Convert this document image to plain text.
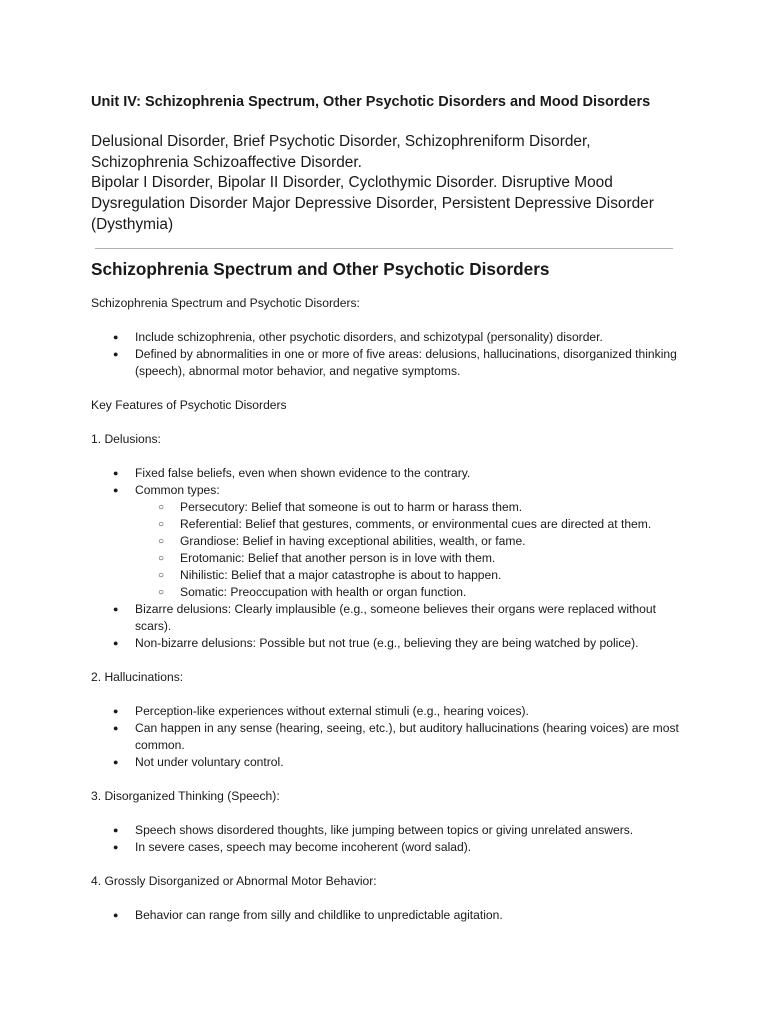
Unit IV: Schizophrenia Spectrum, Other Psychotic Disorders and Mood Disorders

Delusional Disorder, Brief Psychotic Disorder, Schizophreniform Disorder, Schizophrenia Schizoaffective Disorder.

Bipolar I Disorder, Bipolar II Disorder, Cyclothymic Disorder. Disruptive Mood Dysregulation Disorder Major Depressive Disorder, Persistent Depressive Disorder (Dysthymia)

Schizophrenia Spectrum and Other Psychotic Disorders

Schizophrenia Spectrum and Psychotic Disorders:

● Include schizophrenia, other psychotic disorders, and schizotypal (personality) disorder.
● Defined by abnormalities in one or more of five areas: delusions, hallucinations, disorganized thinking (speech), abnormal motor behavior, and negative symptoms.

Key Features of Psychotic Disorders

1. Delusions:

● Fixed false beliefs, even when shown evidence to the contrary.
● Common types:
○ Persecutory: Belief that someone is out to harm or harass them.
○ Referential: Belief that gestures, comments, or environmental cues are directed at them.
○ Grandiose: Belief in having exceptional abilities, wealth, or fame.
○ Erotomanic: Belief that another person is in love with them.
○ Nihilistic: Belief that a major catastrophe is about to happen.
○ Somatic: Preoccupation with health or organ function.
● Bizarre delusions: Clearly implausible (e.g., someone believes their organs were replaced without scars).
● Non-bizarre delusions: Possible but not true (e.g., believing they are being watched by police).

2. Hallucinations:

● Perception-like experiences without external stimuli (e.g., hearing voices).
● Can happen in any sense (hearing, seeing, etc.), but auditory hallucinations (hearing voices) are most common.
● Not under voluntary control.

3. Disorganized Thinking (Speech):

● Speech shows disordered thoughts, like jumping between topics or giving unrelated answers.
● In severe cases, speech may become incoherent (word salad).

4. Grossly Disorganized or Abnormal Motor Behavior:

● Behavior can range from silly and childlike to unpredictable agitation.
